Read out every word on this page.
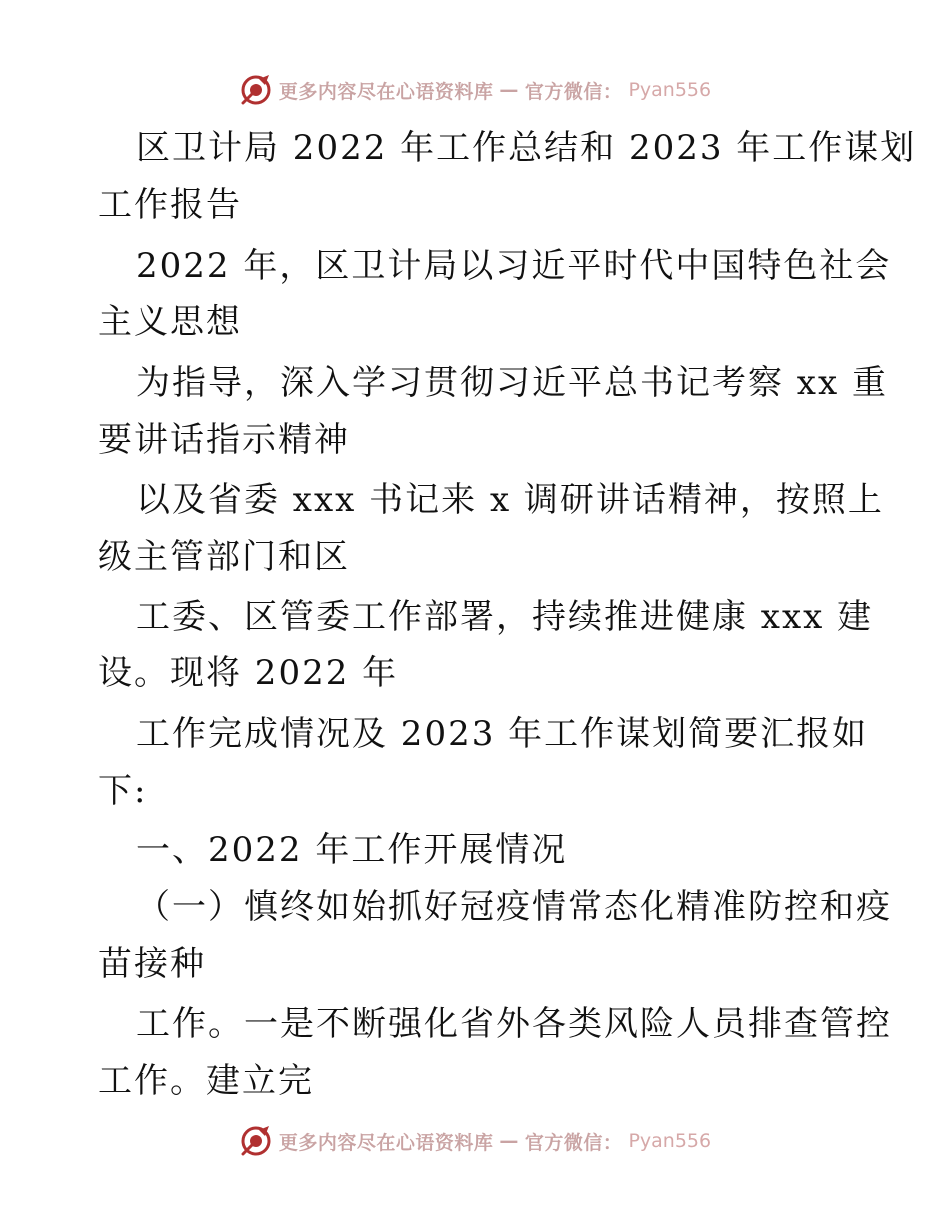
更多内容尽在心语资料库 — 官方微信： Pyan556
区卫计局 2022 年工作总结和 2023 年工作谋划
工作报告
2022 年，区卫计局以习近平时代中国特色社会
主义思想
为指导，深入学习贯彻习近平总书记考察 xx 重
要讲话指示精神
以及省委 xxx 书记来 x 调研讲话精神，按照上
级主管部门和区
工委、区管委工作部署，持续推进健康 xxx 建
设。现将 2022 年
工作完成情况及 2023 年工作谋划简要汇报如
下:
一、2022 年工作开展情况
（一）慎终如始抓好冠疫情常态化精准防控和疫
苗接种
工作。一是不断强化省外各类风险人员排查管控
工作。建立完
更多内容尽在心语资料库 — 官方微信： Pyan556
